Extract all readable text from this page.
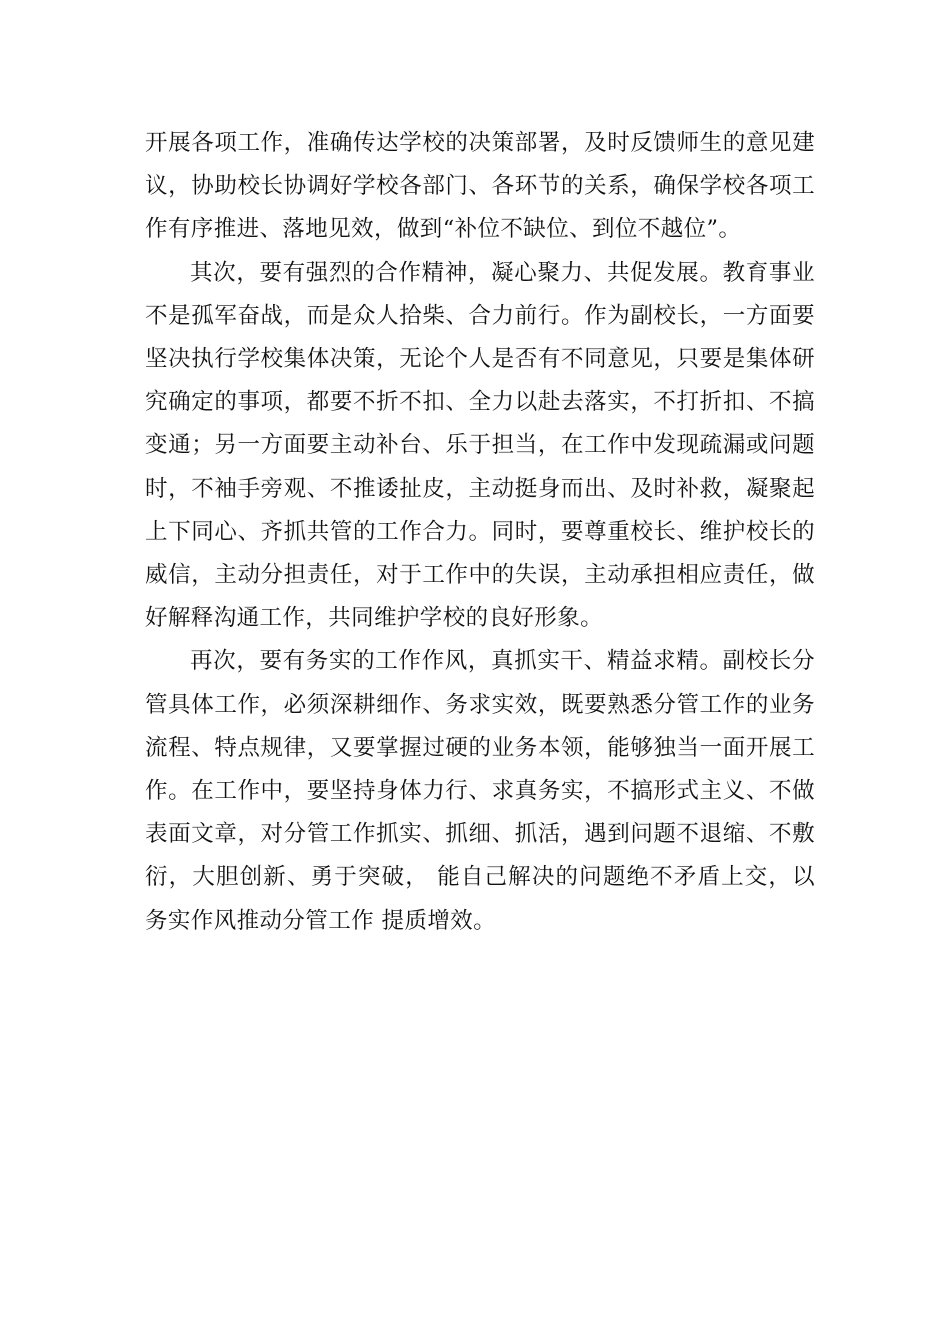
开展各项工作，准确传达学校的决策部署，及时反馈师生的意见建议，协助校长协调好学校各部门、各环节的关系，确保学校各项工作有序推进、落地见效，做到“补位不缺位、到位不越位”。

其次，要有强烈的合作精神，凝心聚力、共促发展。教育事业不是孤军奋战，而是众人拾柴、合力前行。作为副校长，一方面要坚决执行学校集体决策，无论个人是否有不同意见，只要是集体研究确定的事项，都要不折不扣、全力以赴去落实，不打折扣、不搞变通；另一方面要主动补台、乐于担当，在工作中发现疏漏或问题时，不袖手旁观、不推诿扯皮，主动挺身而出、及时补救，凝聚起上下同心、齐抓共管的工作合力。同时，要尊重校长、维护校长的威信，主动分担责任，对于工作中的失误，主动承担相应责任，做好解释沟通工作，共同维护学校的良好形象。

再次，要有务实的工作作风，真抓实干、精益求精。副校长分管具体工作，必须深耕细作、务求实效，既要熟悉分管工作的业务流程、特点规律，又要掌握过硬的业务本领，能够独当一面开展工作。在工作中，要坚持身体力行、求真务实，不搞形式主义、不做表面文章，对分管工作抓实、抓细、抓活，遇到问题不退缩、不敷衍，大胆创新、勇于突破， 能自己解决的问题绝不矛盾上交，以务实作风推动分管工作 提质增效。
